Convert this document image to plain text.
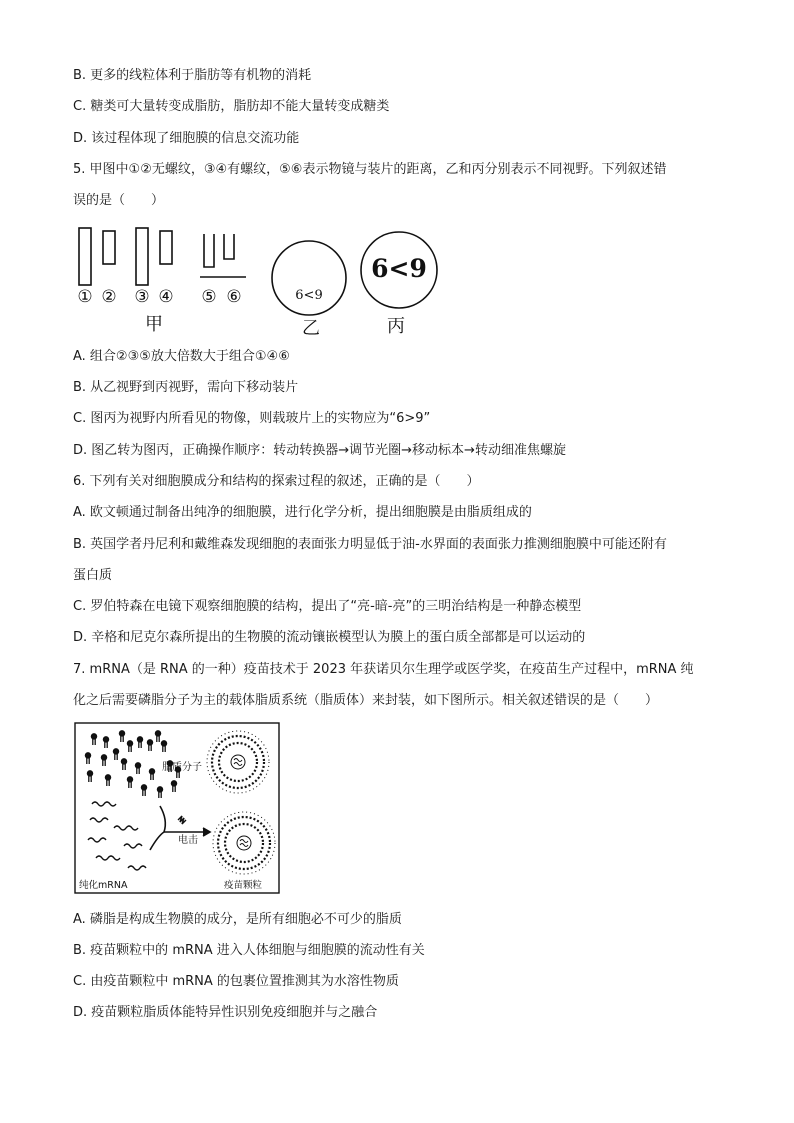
B. 更多的线粒体利于脂肪等有机物的消耗
C. 糖类可大量转变成脂肪，脂肪却不能大量转变成糖类
D. 该过程体现了细胞膜的信息交流功能
5. 甲图中①②无螺纹，③④有螺纹，⑤⑥表示物镜与装片的距离，乙和丙分别表示不同视野。下列叙述错
误的是（　　）
A. 组合②③⑤放大倍数大于组合①④⑥
B. 从乙视野到丙视野，需向下移动装片
C. 图丙为视野内所看见的物像，则载玻片上的实物应为“6>9”
D. 图乙转为图丙，正确操作顺序：转动转换器→调节光圈→移动标本→转动细准焦螺旋
6. 下列有关对细胞膜成分和结构的探索过程的叙述，正确的是（　　）
A. 欧文顿通过制备出纯净的细胞膜，进行化学分析，提出细胞膜是由脂质组成的
B. 英国学者丹尼利和戴维森发现细胞的表面张力明显低于油-水界面的表面张力推测细胞膜中可能还附有
蛋白质
C. 罗伯特森在电镜下观察细胞膜的结构，提出了“亮-暗-亮”的三明治结构是一种静态模型
D. 辛格和尼克尔森所提出的生物膜的流动镶嵌模型认为膜上的蛋白质全部都是可以运动的
7. mRNA（是 RNA 的一种）疫苗技术于 2023 年获诺贝尔生理学或医学奖，在疫苗生产过程中，mRNA 纯
化之后需要磷脂分子为主的载体脂质系统（脂质体）来封装，如下图所示。相关叙述错误的是（　　）
A. 磷脂是构成生物膜的成分，是所有细胞必不可少的脂质
B. 疫苗颗粒中的 mRNA 进入人体细胞与细胞膜的流动性有关
C. 由疫苗颗粒中 mRNA 的包裹位置推测其为水溶性物质
D. 疫苗颗粒脂质体能特异性识别免疫细胞并与之融合
① ② ③ ④ ⑤ ⑥
甲	乙	丙
6<9
6<9
脂质分子
电击
纯化mRNA	疫苗颗粒
